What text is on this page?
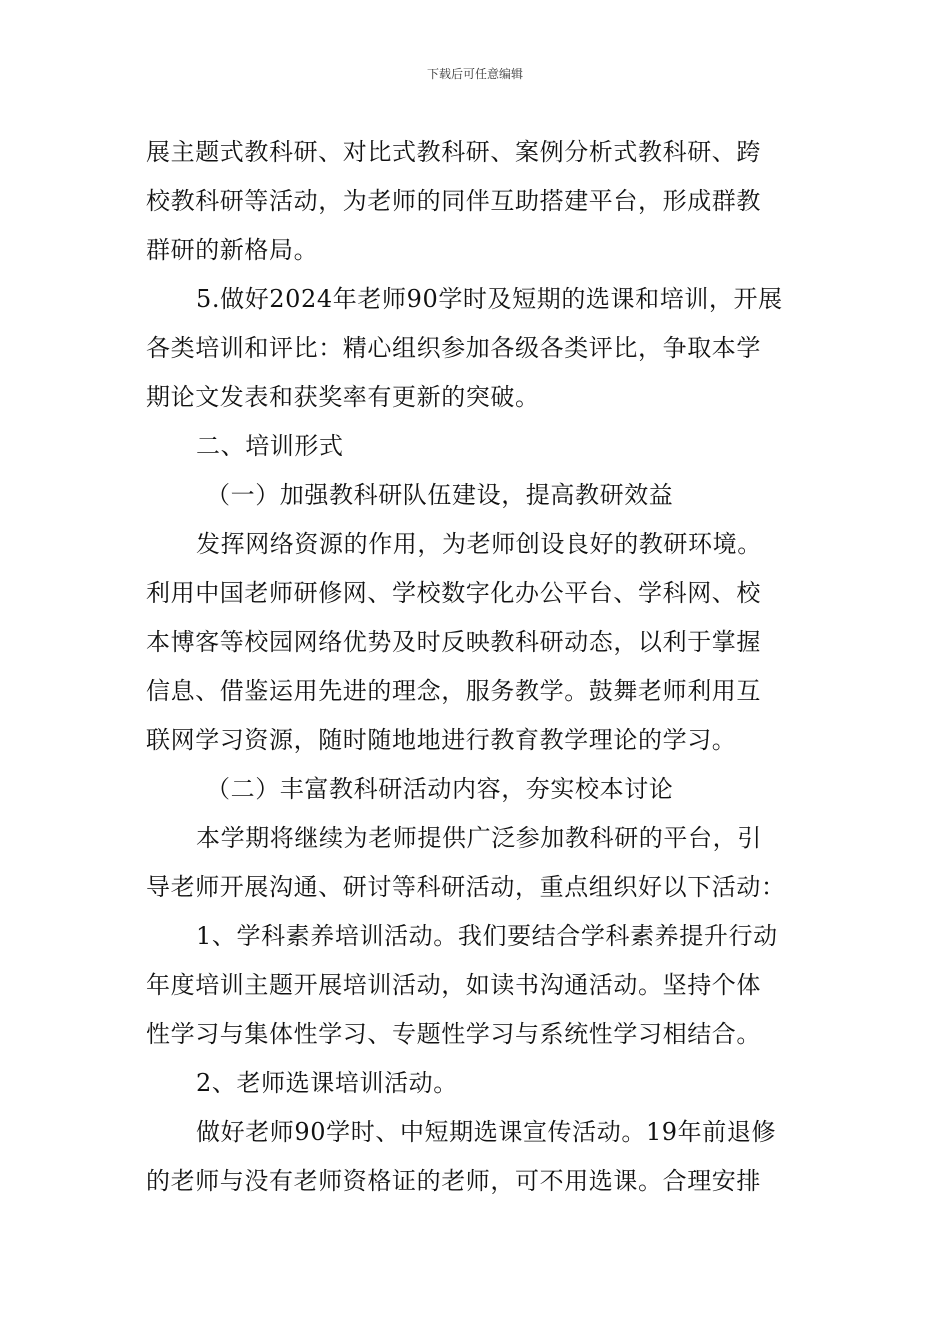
下载后可任意编辑

展主题式教科研、对比式教科研、案例分析式教科研、跨

校教科研等活动，为老师的同伴互助搭建平台，形成群教

群研的新格局。

5.做好2024年老师90学时及短期的选课和培训，开展

各类培训和评比：精心组织参加各级各类评比，争取本学

期论文发表和获奖率有更新的突破。

二、培训形式

（一）加强教科研队伍建设，提高教研效益

发挥网络资源的作用，为老师创设良好的教研环境。

利用中国老师研修网、学校数字化办公平台、学科网、校

本博客等校园网络优势及时反映教科研动态，以利于掌握

信息、借鉴运用先进的理念，服务教学。鼓舞老师利用互

联网学习资源，随时随地地进行教育教学理论的学习。

（二）丰富教科研活动内容，夯实校本讨论

本学期将继续为老师提供广泛参加教科研的平台，引

导老师开展沟通、研讨等科研活动，重点组织好以下活动：

1、学科素养培训活动。我们要结合学科素养提升行动

年度培训主题开展培训活动，如读书沟通活动。坚持个体

性学习与集体性学习、专题性学习与系统性学习相结合。

2、老师选课培训活动。

做好老师90学时、中短期选课宣传活动。19年前退修

的老师与没有老师资格证的老师，可不用选课。合理安排
